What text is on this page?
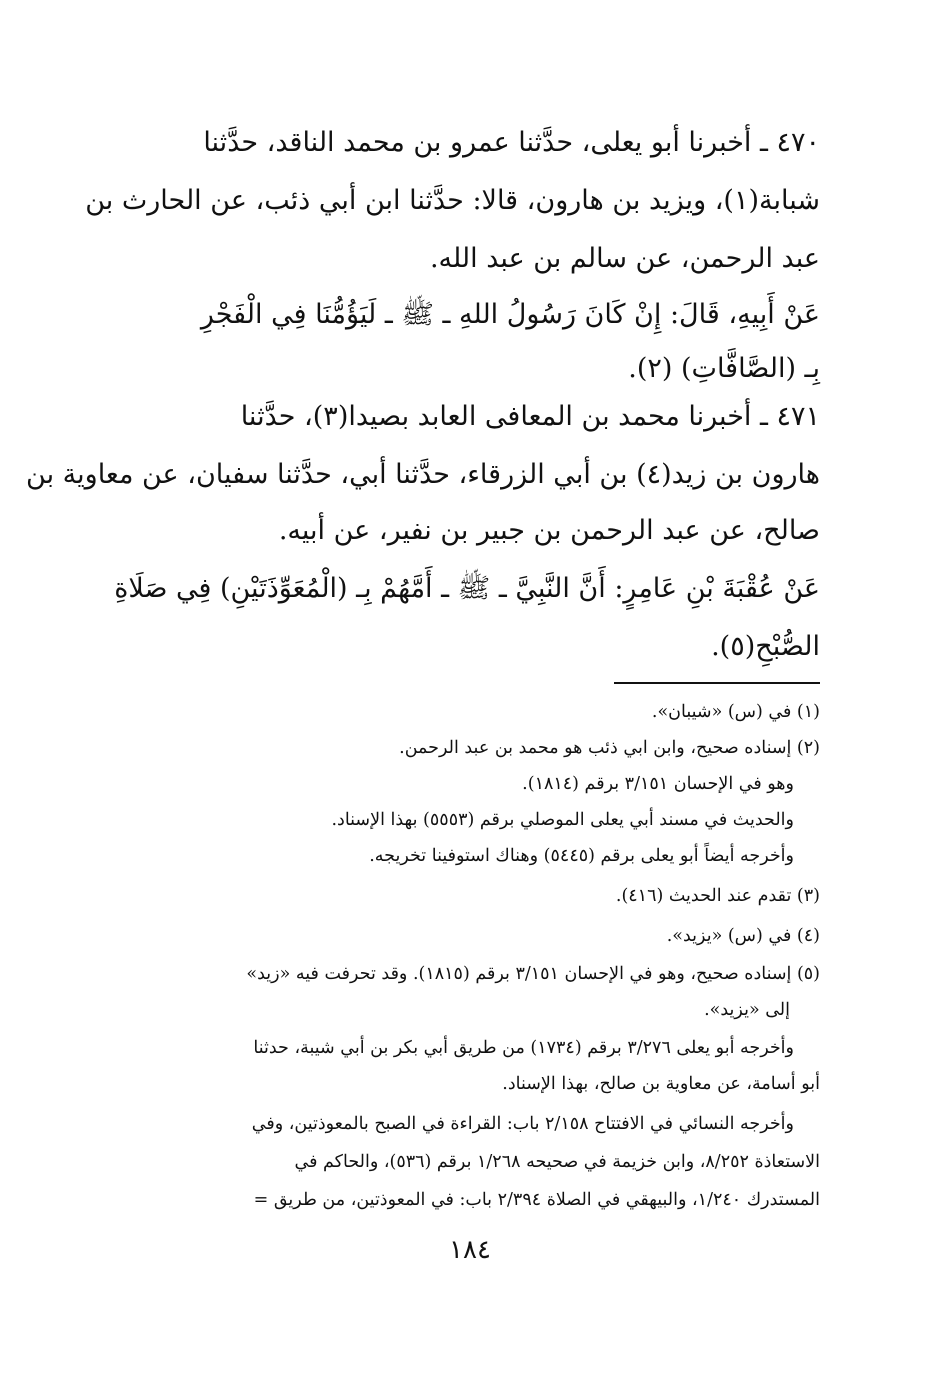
٤٧٠ ـ أخبرنا أبو يعلى، حدَّثنا عمرو بن محمد الناقد، حدَّثنا
شبابة(١)، ويزيد بن هارون، قالا: حدَّثنا ابن أبي ذئب، عن الحارث بن
عبد الرحمن، عن سالم بن عبد الله.
عَنْ أَبِيهِ، قَالَ: إِنْ كَانَ رَسُولُ اللهِ ـ ﷺ ـ لَيَؤُمُّنَا فِي الْفَجْرِ
بِـ (الصَّافَّاتِ) (٢).
٤٧١ ـ أخبرنا محمد بن المعافى العابد بصيدا(٣)، حدَّثنا
هارون بن زيد(٤) بن أبي الزرقاء، حدَّثنا أبي، حدَّثنا سفيان، عن معاوية بن
صالح، عن عبد الرحمن بن جبير بن نفير، عن أبيه.
عَنْ عُقْبَةَ بْنِ عَامِرٍ: أَنَّ النَّبِيَّ ـ ﷺ ـ أَمَّهُمْ بِـ (الْمُعَوِّذَتَيْنِ) فِي صَلَاةِ
الصُّبْحِ(٥).
(١) في (س) «شيبان».
(٢) إسناده صحيح، وابن ابي ذئب هو محمد بن عبد الرحمن.
وهو في الإحسان ٣/١٥١ برقم (١٨١٤).
والحديث في مسند أبي يعلى الموصلي برقم (٥٥٥٣) بهذا الإسناد.
وأخرجه أيضاً أبو يعلى برقم (٥٤٤٥) وهناك استوفينا تخريجه.
(٣) تقدم عند الحديث (٤١٦).
(٤) في (س) «يزيد».
(٥) إسناده صحيح، وهو في الإحسان ٣/١٥١ برقم (١٨١٥). وقد تحرفت فيه «زيد»
إلى «يزيد».
وأخرجه أبو يعلى ٣/٢٧٦ برقم (١٧٣٤) من طريق أبي بكر بن أبي شيبة، حدثنا
أبو أسامة، عن معاوية بن صالح، بهذا الإسناد.
وأخرجه النسائي في الافتتاح ٢/١٥٨ باب: القراءة في الصبح بالمعوذتين، وفي
الاستعاذة ٨/٢٥٢، وابن خزيمة في صحيحه ١/٢٦٨ برقم (٥٣٦)، والحاكم في
المستدرك ١/٢٤٠، والبيهقي في الصلاة ٢/٣٩٤ باب: في المعوذتين، من طريق =
١٨٤
